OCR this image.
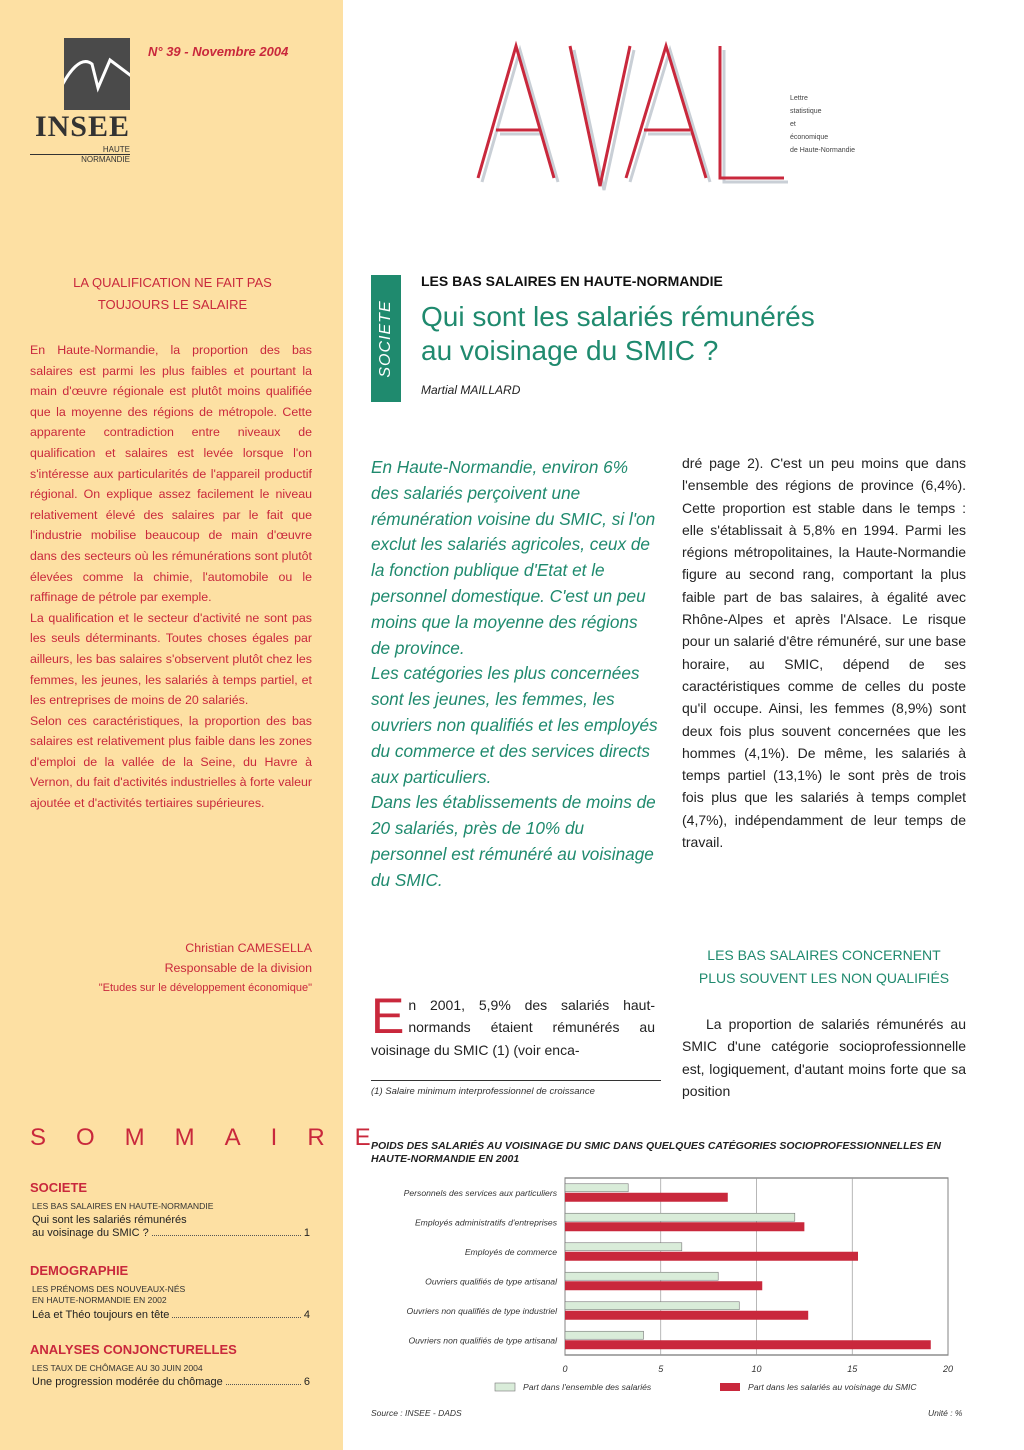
INSEE
HAUTE
NORMANDIE
N° 39 - Novembre 2004
LA QUALIFICATION NE FAIT PAS
TOUJOURS LE SALAIRE

En Haute-Normandie, la proportion des bas salaires est parmi les plus faibles et pourtant la main d'œuvre régionale est plutôt moins qualifiée que la moyenne des régions de métropole. Cette apparente contradiction entre niveaux de qualification et salaires est levée lorsque l'on s'intéresse aux particularités de l'appareil productif régional. On explique assez facilement le niveau relativement élevé des salaires par le fait que l'industrie mobilise beaucoup de main d'œuvre dans des secteurs où les rémunérations sont plutôt élevées comme la chimie, l'automobile ou le raffinage de pétrole par exemple.

La qualification et le secteur d'activité ne sont pas les seuls déterminants. Toutes choses égales par ailleurs, les bas salaires s'observent plutôt chez les femmes, les jeunes, les salariés à temps partiel, et les entreprises de moins de 20 salariés.

Selon ces caractéristiques, la proportion des bas salaires est relativement plus faible dans les zones d'emploi de la vallée de la Seine, du Havre à Vernon, du fait d'activités industrielles à forte valeur ajoutée et d'activités tertiaires supérieures.

Christian CAMESELLA
Responsable de la division
"Etudes sur le développement économique"
SOMMAIRE
SOCIETE
LES BAS SALAIRES EN HAUTE-NORMANDIE
Qui sont les salariés rémunérés
au voisinage du SMIC ?	1
DEMOGRAPHIE
LES PRÉNOMS DES NOUVEAUX-NÉS
EN HAUTE-NORMANDIE EN 2002
Léa et Théo toujours en tête	4
ANALYSES CONJONCTURELLES
LES TAUX DE CHÔMAGE AU 30 JUIN 2004
Une progression modérée du chômage	6
Lettre
statistique
et
économique
de Haute-Normandie
SOCIETE
LES BAS SALAIRES EN HAUTE-NORMANDIE
Qui sont les salariés rémunérés
au voisinage du SMIC ?
Martial MAILLARD

En Haute-Normandie, environ 6% des salariés perçoivent une rémunération voisine du SMIC, si l'on exclut les salariés agricoles, ceux de la fonction publique d'Etat et le personnel domestique. C'est un peu moins que la moyenne des régions de province.

Les catégories les plus concernées sont les jeunes, les femmes, les ouvriers non qualifiés et les employés du commerce et des services directs aux particuliers.

Dans les établissements de moins de 20 salariés, près de 10% du personnel est rémunéré au voisinage du SMIC.

En 2001, 5,9% des salariés haut-normands étaient rémunérés au voisinage du SMIC (1) (voir enca-
(1) Salaire minimum interprofessionnel de croissance

dré page 2). C'est un peu moins que dans l'ensemble des régions de province (6,4%). Cette proportion est stable dans le temps : elle s'établissait à 5,8% en 1994. Parmi les régions métropolitaines, la Haute-Normandie figure au second rang, comportant la plus faible part de bas salaires, à égalité avec Rhône-Alpes et après l'Alsace. Le risque pour un salarié d'être rémunéré, sur une base horaire, au SMIC, dépend de ses caractéristiques comme de celles du poste qu'il occupe. Ainsi, les femmes (8,9%) sont deux fois plus souvent concernées que les hommes (4,1%). De même, les salariés à temps partiel (13,1%) le sont près de trois fois plus que les salariés à temps complet (4,7%), indépendamment de leur temps de travail.

LES BAS SALAIRES CONCERNENT
PLUS SOUVENT LES NON QUALIFIÉS

La proportion de salariés rémunérés au SMIC d'une catégorie socioprofessionnelle est, logiquement, d'autant moins forte que sa position

POIDS DES SALARIÉS AU VOISINAGE DU SMIC DANS QUELQUES CATÉGORIES SOCIOPROFESSIONNELLES EN HAUTE-NORMANDIE EN 2001
0	5	10	15	20
Personnels des services aux particuliers
Employés administratifs d'entreprises
Employés de commerce
Ouvriers qualifiés de type artisanal
Ouvriers non qualifiés de type industriel
Ouvriers non qualifiés de type artisanal
Part dans l'ensemble des salariés	Part dans les salariés au voisinage du SMIC
Source : INSEE - DADS	Unité : %
